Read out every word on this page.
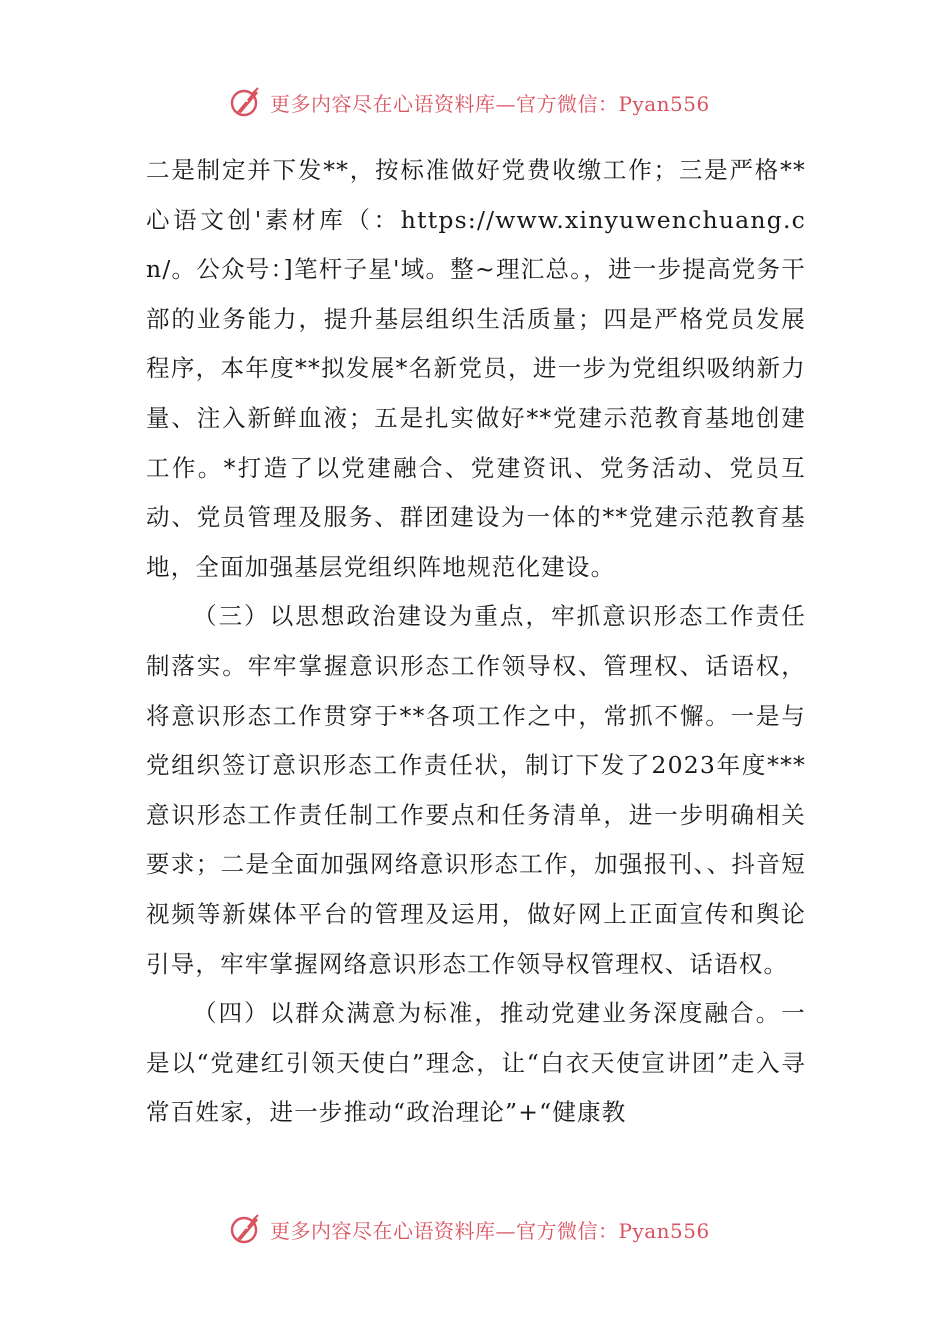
更多内容尽在心语资料库—官方微信：Pyan556

二是制定并下发**，按标准做好党费收缴工作；三是严格**心语文创'素材库（：https://www.xinyuwenchuang.cn/。公众号：]笔杆子星'域。整~理汇总。，进一步提高党务干部的业务能力，提升基层组织生活质量；四是严格党员发展程序，本年度**拟发展*名新党员，进一步为党组织吸纳新力量、注入新鲜血液；五是扎实做好**党建示范教育基地创建工作。*打造了以党建融合、党建资讯、党务活动、党员互动、党员管理及服务、群团建设为一体的**党建示范教育基地，全面加强基层党组织阵地规范化建设。

（三）以思想政治建设为重点，牢抓意识形态工作责任制落实。牢牢掌握意识形态工作领导权、管理权、话语权，将意识形态工作贯穿于**各项工作之中，常抓不懈。一是与党组织签订意识形态工作责任状，制订下发了2023年度***意识形态工作责任制工作要点和任务清单，进一步明确相关要求；二是全面加强网络意识形态工作，加强报刊、、抖音短视频等新媒体平台的管理及运用，做好网上正面宣传和舆论引导，牢牢掌握网络意识形态工作领导权管理权、话语权。

（四）以群众满意为标准，推动党建业务深度融合。一是以“党建红引领天使白”理念，让“白衣天使宣讲团”走入寻常百姓家，进一步推动“政治理论”+“健康教

更多内容尽在心语资料库—官方微信：Pyan556
